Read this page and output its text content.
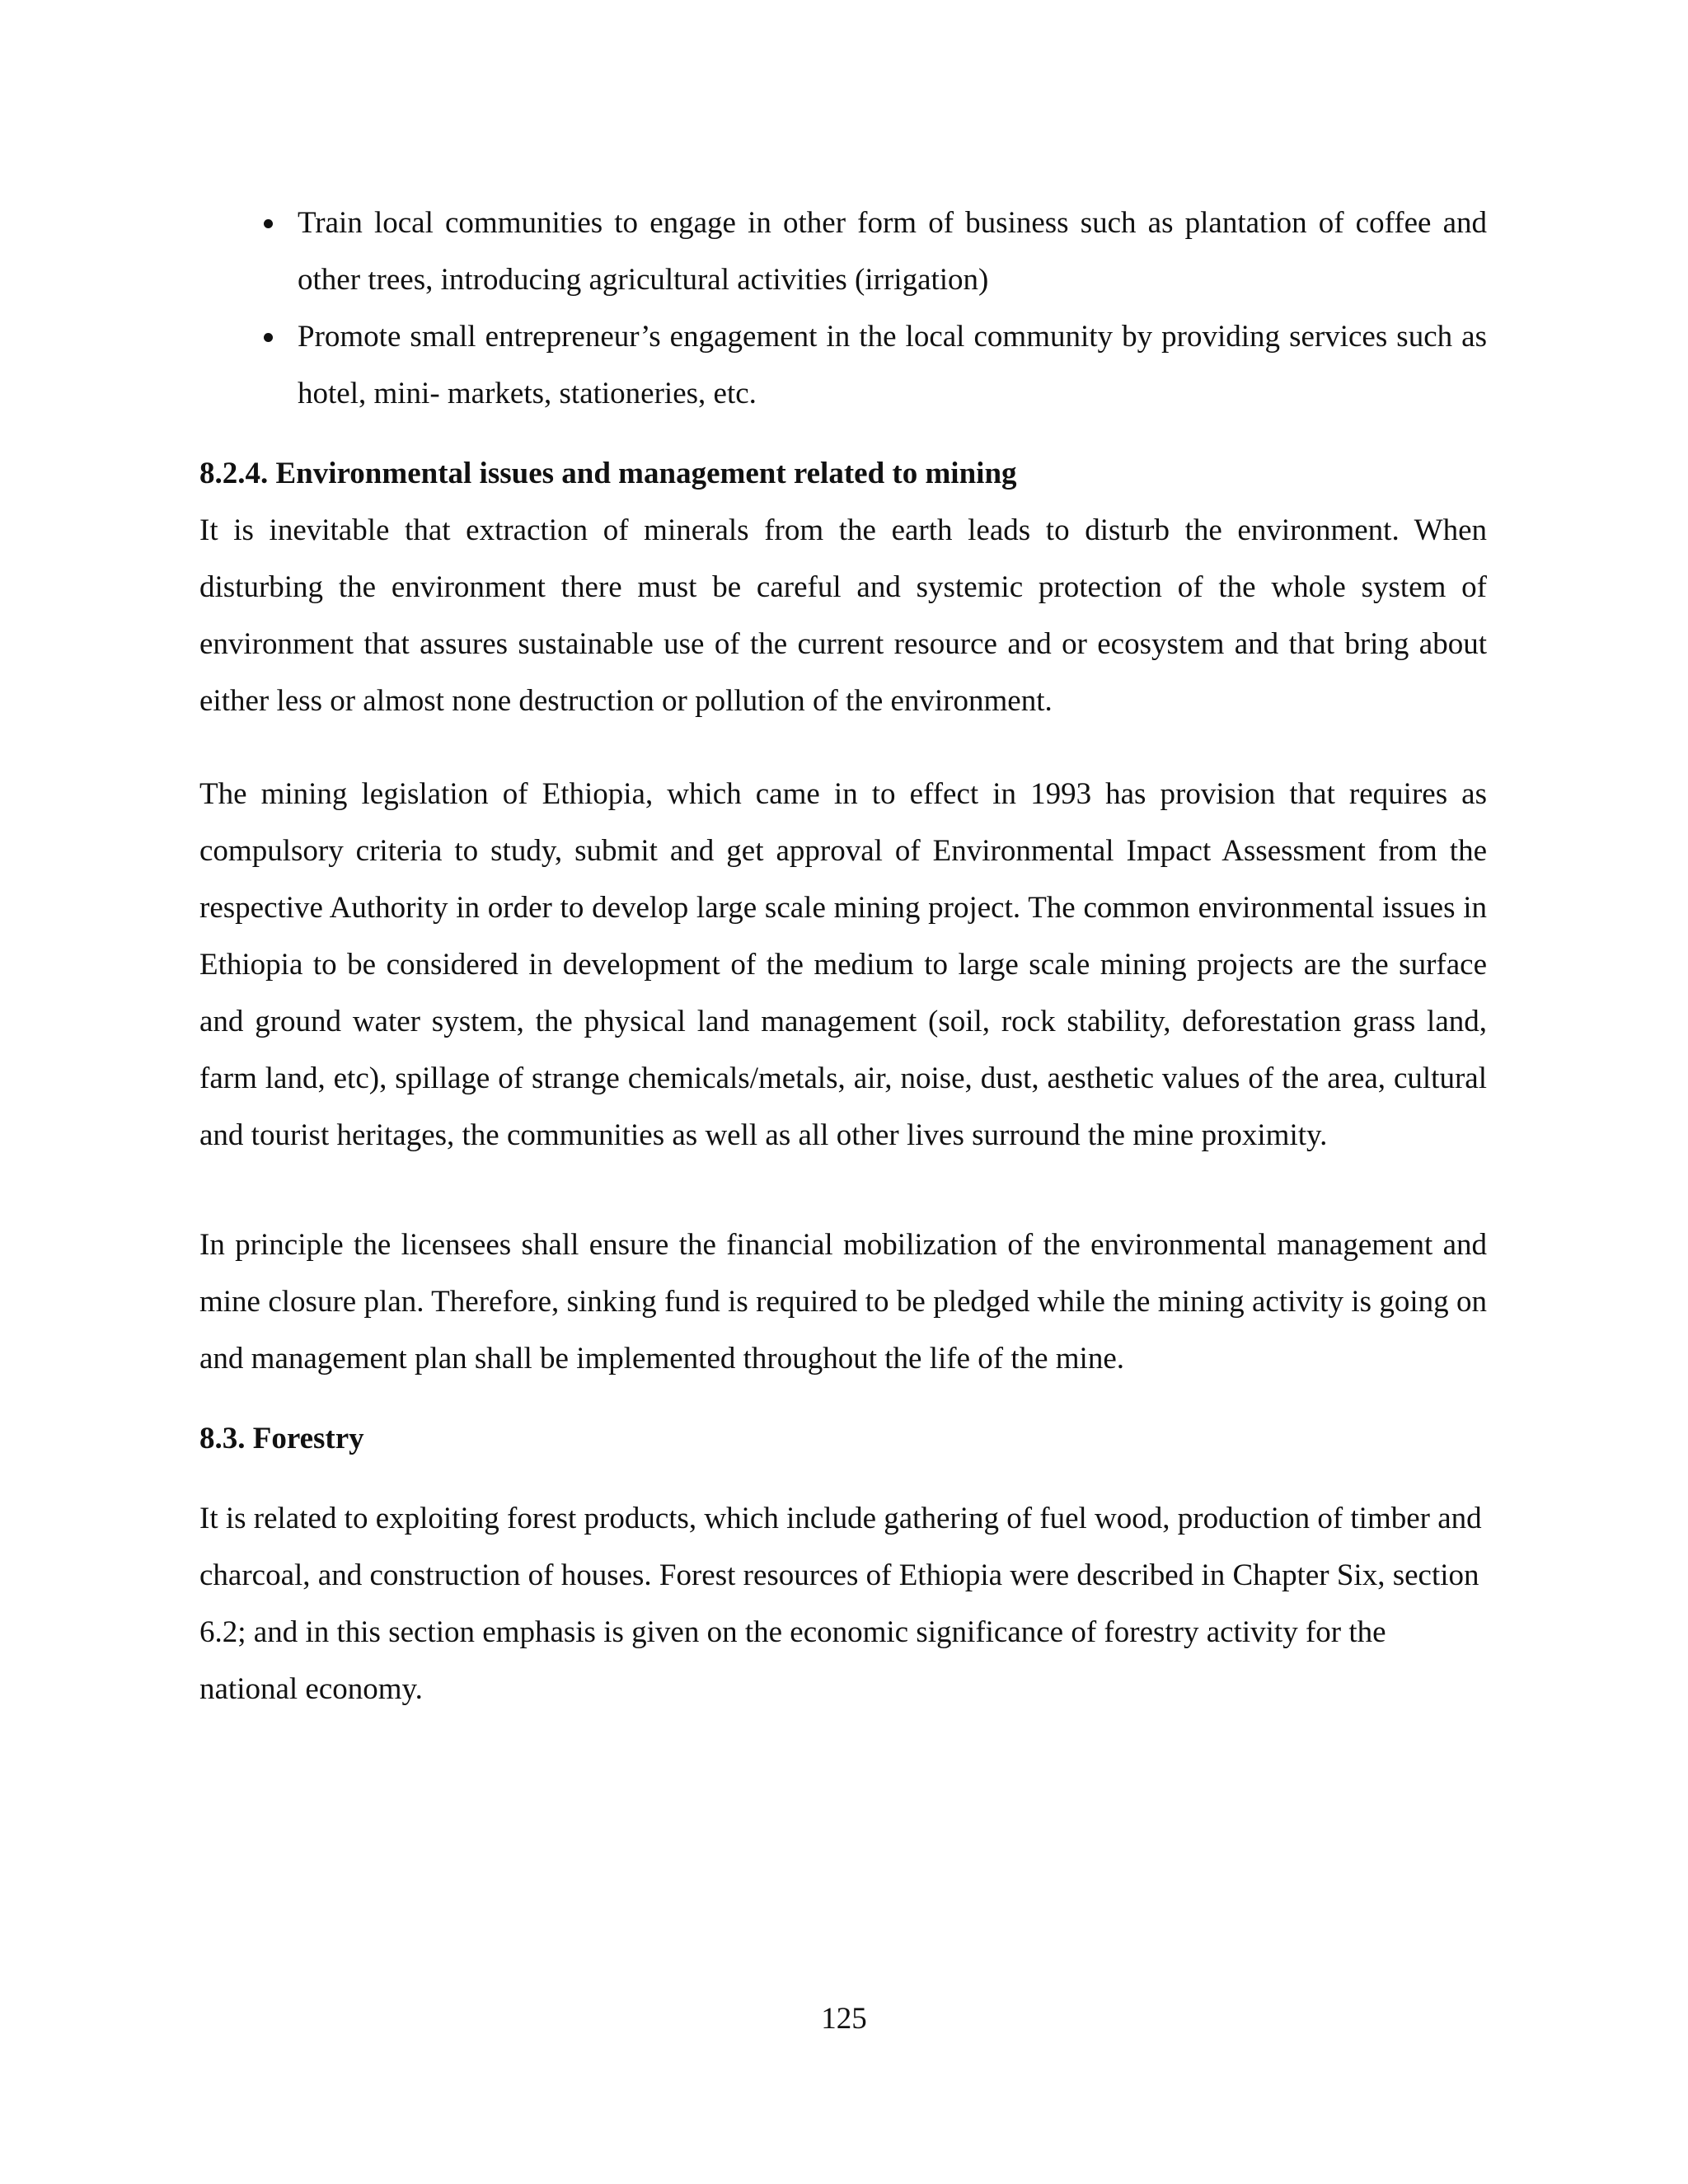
Train local communities to engage in other form of business such as plantation of coffee and other trees, introducing agricultural activities (irrigation)
Promote small entrepreneur’s engagement in the local community by providing services such as hotel, mini- markets, stationeries, etc.
8.2.4. Environmental issues and management related to mining

It is inevitable that extraction of minerals from the earth leads to disturb the environment. When disturbing the environment there must be careful and systemic protection of the whole system of environment that assures sustainable use of the current resource and or ecosystem and that bring about either less or almost none destruction or pollution of the environment.

The mining legislation of Ethiopia, which came in to effect in 1993 has provision that requires as compulsory criteria to study, submit and get approval of Environmental Impact Assessment from the respective Authority in order to develop large scale mining project. The common environmental issues in Ethiopia to be considered in development of the medium to large scale mining projects are the surface and ground water system, the physical land management (soil, rock stability, deforestation grass land, farm land, etc), spillage of strange chemicals/metals, air, noise, dust, aesthetic values of the area, cultural and tourist heritages, the communities as well as all other lives surround the mine proximity.

In principle the licensees shall ensure the financial mobilization of the environmental management and mine closure plan. Therefore, sinking fund is required to be pledged while the mining activity is going on and management plan shall be implemented throughout the life of the mine.

8.3. Forestry

It is related to exploiting forest products, which include gathering of fuel wood, production of timber and charcoal, and construction of houses. Forest resources of Ethiopia were described in Chapter Six, section 6.2; and in this section emphasis is given on the economic significance of forestry activity for the national economy.

125
